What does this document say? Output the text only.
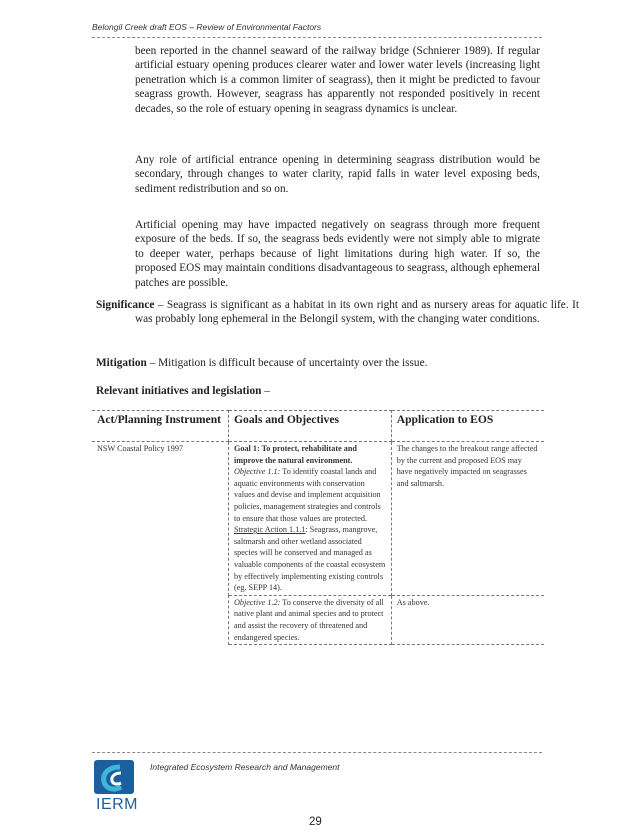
Belongil Creek draft EOS – Review of Environmental Factors

been reported in the channel seaward of the railway bridge (Schnierer 1989). If regular artificial estuary opening produces clearer water and lower water levels (increasing light penetration which is a common limiter of seagrass), then it might be predicted to favour seagrass growth. However, seagrass has apparently not responded positively in recent decades, so the role of estuary opening in seagrass dynamics is unclear.

Any role of artificial entrance opening in determining seagrass distribution would be secondary, through changes to water clarity, rapid falls in water level exposing beds, sediment redistribution and so on.

Artificial opening may have impacted negatively on seagrass through more frequent exposure of the beds. If so, the seagrass beds evidently were not simply able to migrate to deeper water, perhaps because of light limitations during high water. If so, the proposed EOS may maintain conditions disadvantageous to seagrass, although ephemeral patches are possible.

Significance – Seagrass is significant as a habitat in its own right and as nursery areas for aquatic life. It was probably long ephemeral in the Belongil system, with the changing water conditions.

Mitigation – Mitigation is difficult because of uncertainty over the issue.

Relevant initiatives and legislation –
Act/Planning Instrument	Goals and Objectives	Application to EOS
NSW Coastal Policy 1997	Goal 1: To protect, rehabilitate and improve the natural environment.
Objective 1.1: To identify coastal lands and aquatic environments with conservation values and devise and implement acquisition policies, management strategies and controls to ensure that those values are protected. Strategic Action 1.1.1: Seagrass, mangrove, saltmarsh and other wetland associated species will be conserved and managed as valuable components of the coastal ecosystem by effectively implementing existing controls (eg. SEPP 14).	The changes to the breakout range affected by the current and proposed EOS may have negatively impacted on seagrasses and saltmarsh.
	Objective 1.2: To conserve the diversity of all native plant and animal species and to protect and assist the recovery of threatened and endangered species.	As above.
IERM
Integrated Ecosystem Research and Management
29
